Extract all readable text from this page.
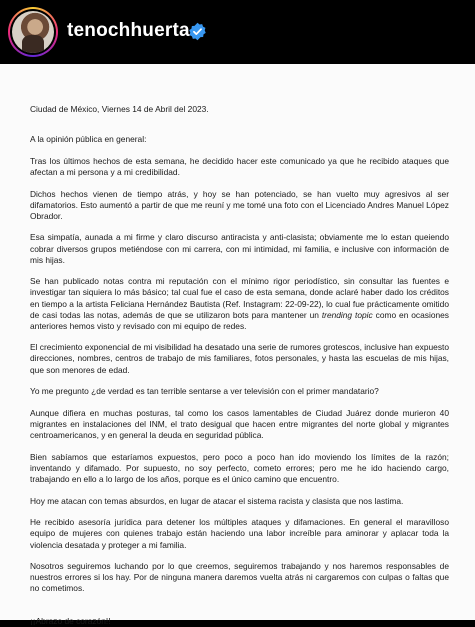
tenochhuerta

Ciudad de México, Viernes 14 de Abril del 2023.

A la opinión pública en general:

Tras los últimos hechos de esta semana, he decidido hacer este comunicado ya que he recibido ataques que afectan a mi persona y a mi credibilidad.

Dichos hechos vienen de tiempo atrás, y hoy se han potenciado, se han vuelto muy agresivos al ser difamatorios. Esto aumentó a partir de que me reuní y me tomé una foto con el Licenciado Andres Manuel López Obrador.

Esa simpatía, aunada a mi firme y claro discurso antiracista y anti-clasista; obviamente me lo estan queiendo cobrar diversos grupos metiéndose con mi carrera, con mi intimidad, mi familia, e inclusive con información de mis hijas.

Se han publicado notas contra mi reputación con el mínimo rigor periodístico, sin consultar las fuentes e investigar tan siquiera lo más básico; tal cual fue el caso de esta semana, donde aclaré haber dado los créditos en tiempo a la artista Feliciana Hernández Bautista (Ref. Instagram: 22-09-22), lo cual fue prácticamente omitido de casi todas las notas, además de que se utilizaron bots para mantener un trending topic como en ocasiones anteriores hemos visto y revisado con mi equipo de redes.

El crecimiento exponencial de mi visibilidad ha desatado una serie de rumores grotescos, inclusive han expuesto direcciones, nombres, centros de trabajo de mis familiares, fotos personales, y hasta las escuelas de mis hijas, que son menores de edad.

Yo me pregunto ¿de verdad es tan terrible sentarse a ver televisión con el primer mandatario?

Aunque difiera en muchas posturas, tal como los casos lamentables de Ciudad Juárez donde murieron 40 migrantes en instalaciones del INM, el trato desigual que hacen entre migrantes del norte global y migrantes centroamericanos, y en general la deuda en seguridad pública.

Bien sabíamos que estaríamos expuestos, pero poco a poco han ido moviendo los límites de la razón; inventando y difamado. Por supuesto, no soy perfecto, cometo errores; pero me he ido haciendo cargo, trabajando en ello a lo largo de los años, porque es el único camino que encuentro.

Hoy me atacan con temas absurdos, en lugar de atacar el sistema racista y clasista que nos lastima.

He recibido asesoría jurídica para detener los múltiples ataques y difamaciones. En general el maravilloso equipo de mujeres con quienes trabajo están haciendo una labor increíble para aminorar y aplacar toda la violencia desatada y proteger a mi familia.

Nosotros seguiremos luchando por lo que creemos, seguiremos trabajando y nos haremos responsables de nuestros errores si los hay. Por de ninguna manera daremos vuelta atrás ni cargaremos con culpas o faltas que no cometimos.

¡¡Abrazo de corazón!!
